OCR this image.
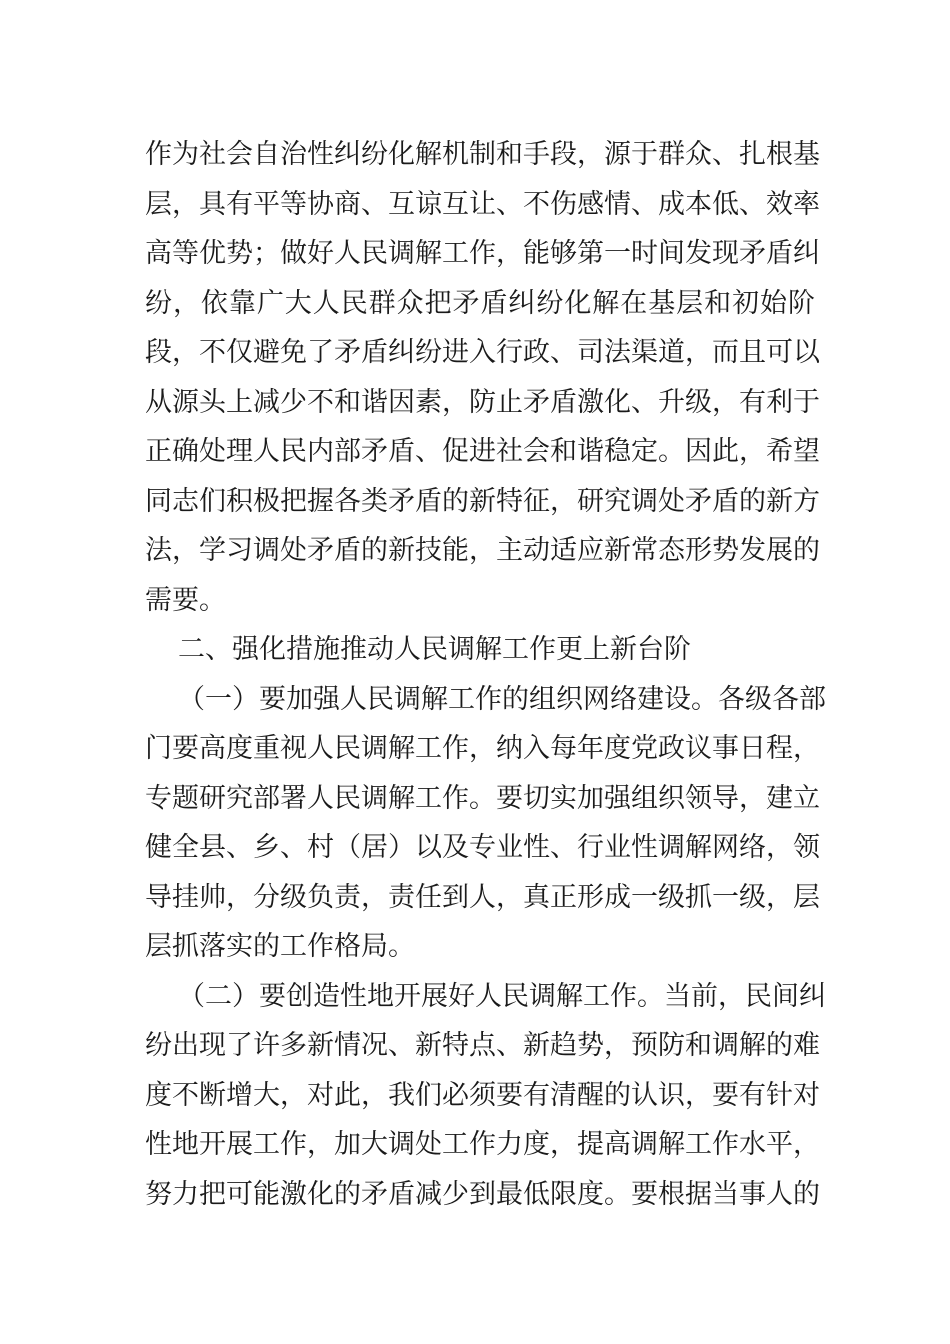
作为社会自治性纠纷化解机制和手段，源于群众、扎根基
层，具有平等协商、互谅互让、不伤感情、成本低、效率
高等优势；做好人民调解工作，能够第一时间发现矛盾纠
纷，依靠广大人民群众把矛盾纠纷化解在基层和初始阶
段，不仅避免了矛盾纠纷进入行政、司法渠道，而且可以
从源头上减少不和谐因素，防止矛盾激化、升级，有利于
正确处理人民内部矛盾、促进社会和谐稳定。因此，希望
同志们积极把握各类矛盾的新特征，研究调处矛盾的新方
法，学习调处矛盾的新技能，主动适应新常态形势发展的
需要。
二、强化措施推动人民调解工作更上新台阶
（一）要加强人民调解工作的组织网络建设。各级各部
门要高度重视人民调解工作，纳入每年度党政议事日程，
专题研究部署人民调解工作。要切实加强组织领导，建立
健全县、乡、村（居）以及专业性、行业性调解网络，领
导挂帅，分级负责，责任到人，真正形成一级抓一级，层
层抓落实的工作格局。
（二）要创造性地开展好人民调解工作。当前，民间纠
纷出现了许多新情况、新特点、新趋势，预防和调解的难
度不断增大，对此，我们必须要有清醒的认识，要有针对
性地开展工作，加大调处工作力度，提高调解工作水平，
努力把可能激化的矛盾减少到最低限度。要根据当事人的
